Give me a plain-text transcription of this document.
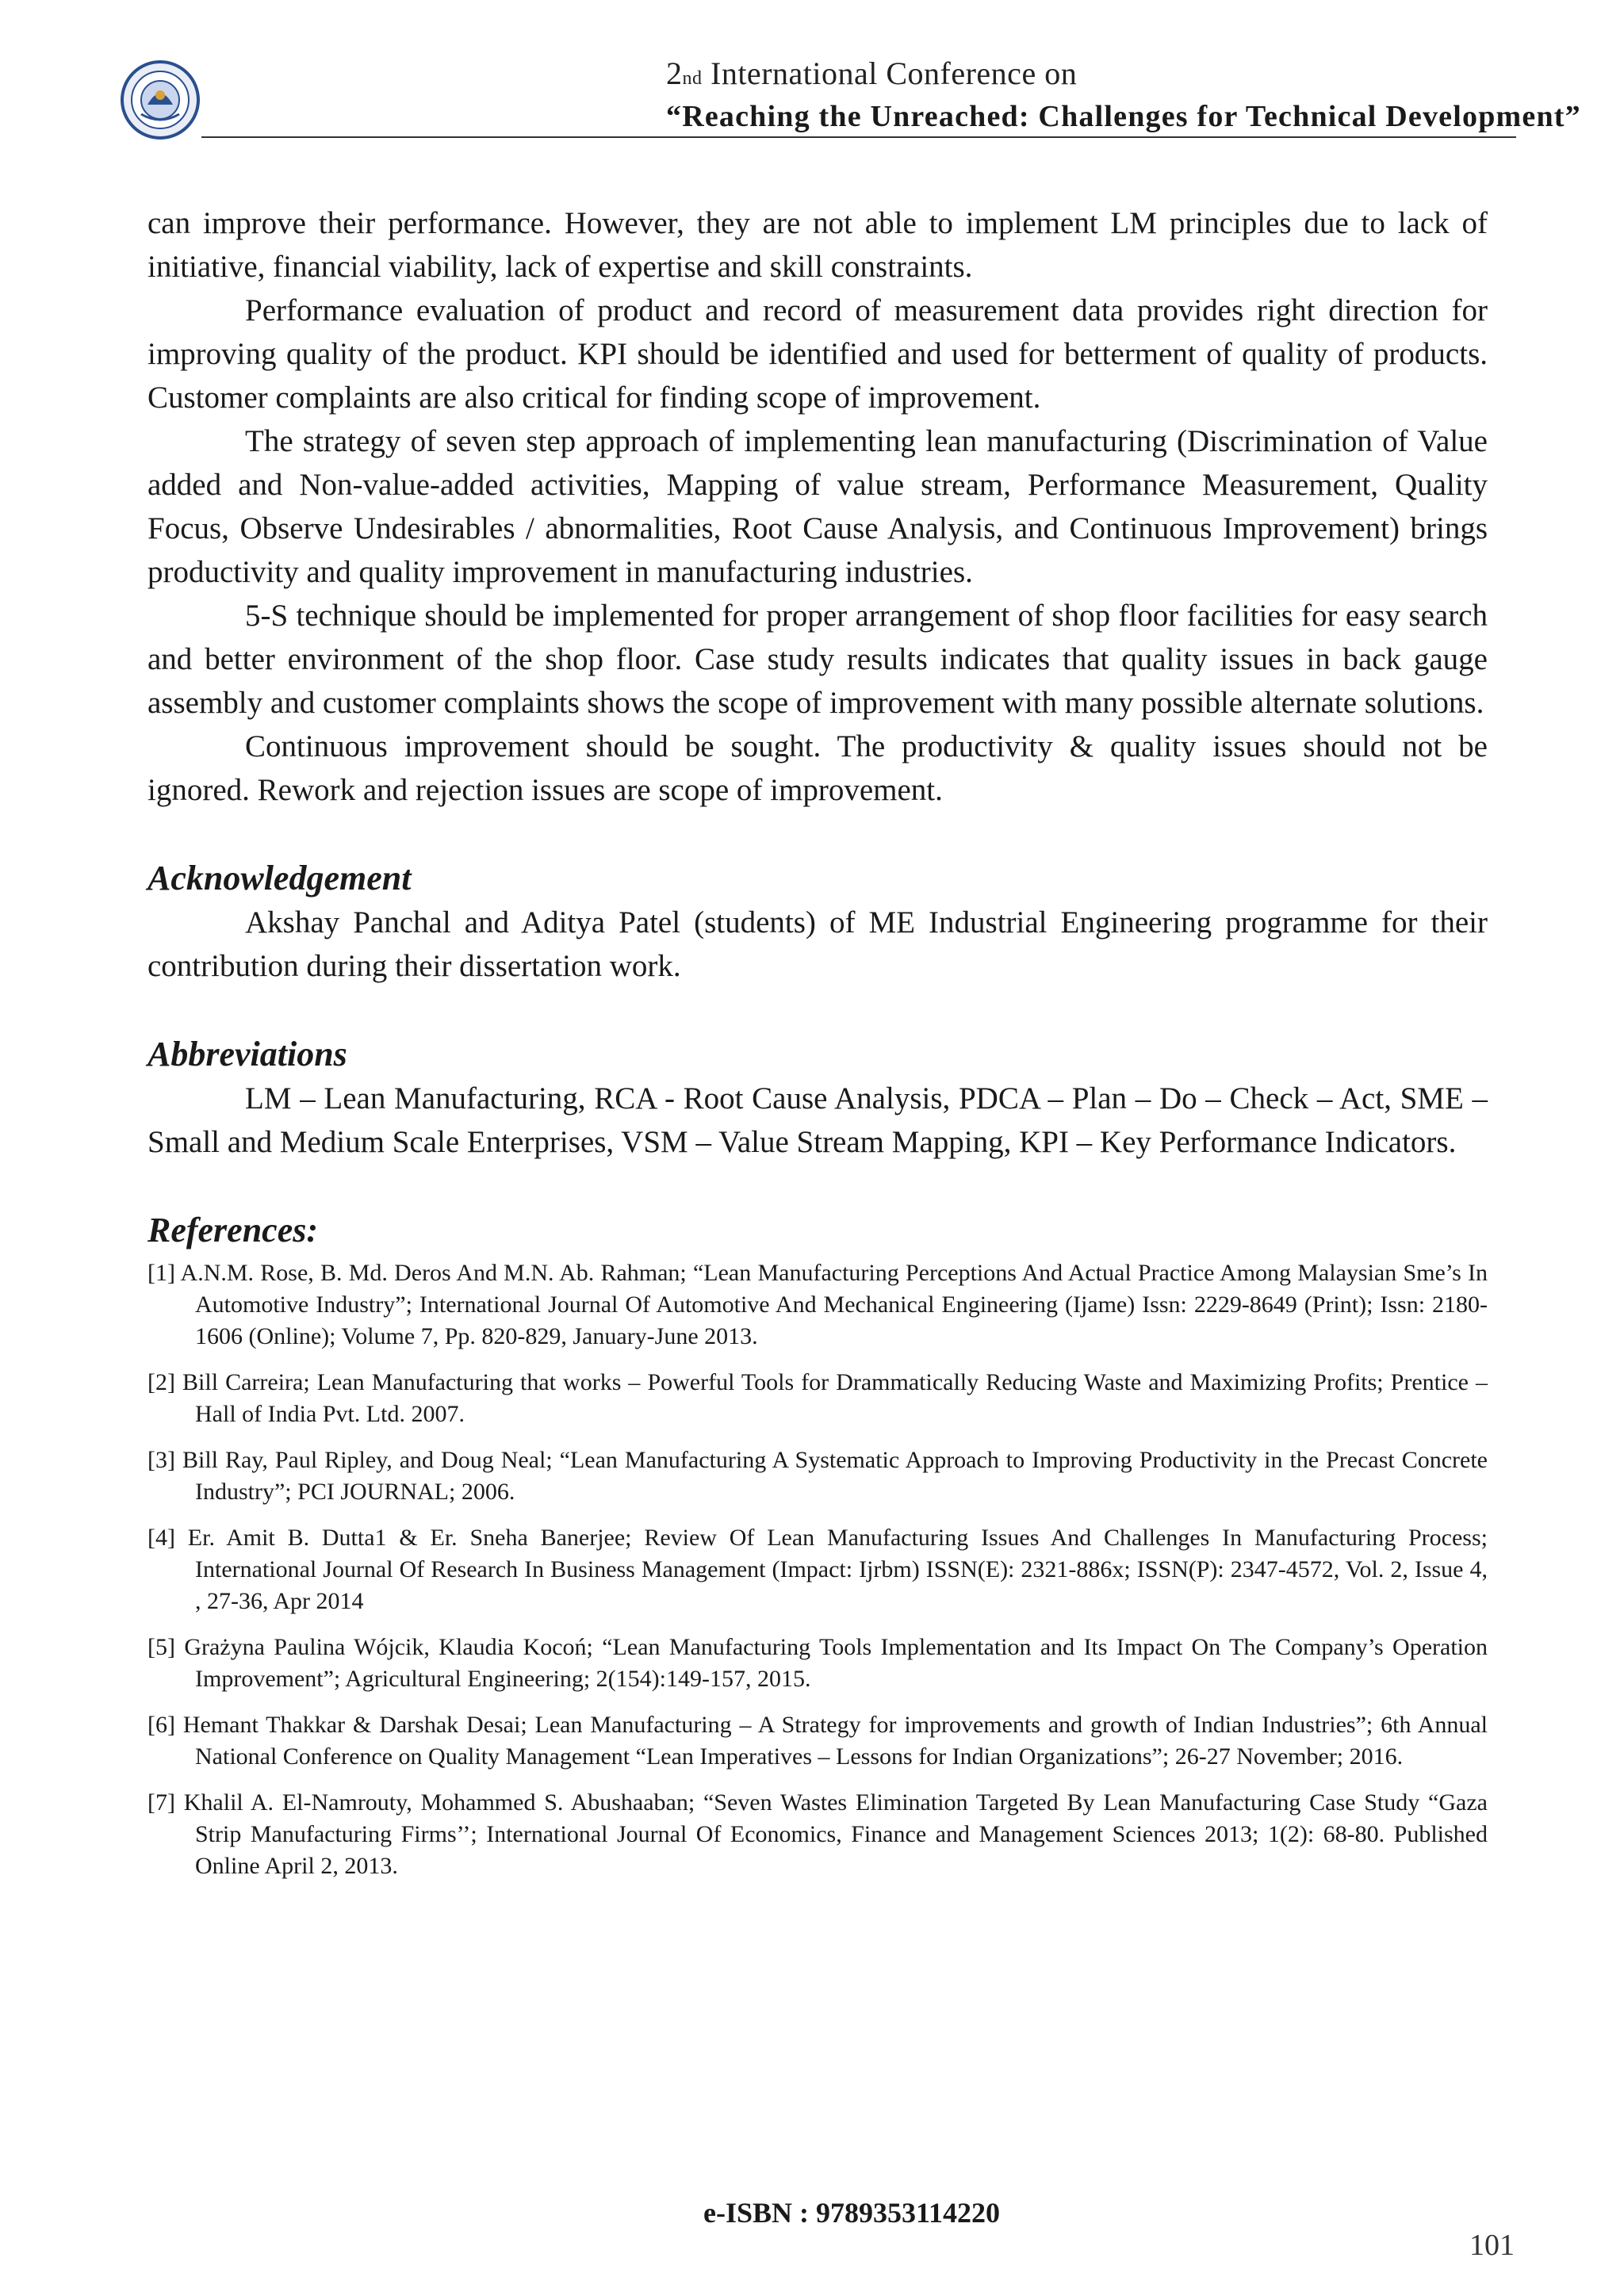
2nd International Conference on
“Reaching the Unreached: Challenges for Technical Development”

can improve their performance. However, they are not able to implement LM principles due to lack of initiative, financial viability, lack of expertise and skill constraints.

Performance evaluation of product and record of measurement data provides right direction for improving quality of the product. KPI should be identified and used for betterment of quality of products. Customer complaints are also critical for finding scope of improvement.

The strategy of seven step approach of implementing lean manufacturing (Discrimination of Value added and Non-value-added activities, Mapping of value stream, Performance Measurement, Quality Focus, Observe Undesirables / abnormalities, Root Cause Analysis, and Continuous Improvement) brings productivity and quality improvement in manufacturing industries.

5-S technique should be implemented for proper arrangement of shop floor facilities for easy search and better environment of the shop floor. Case study results indicates that quality issues in back gauge assembly and customer complaints shows the scope of improvement with many possible alternate solutions.

Continuous improvement should be sought. The productivity & quality issues should not be ignored. Rework and rejection issues are scope of improvement.

Acknowledgement

Akshay Panchal and Aditya Patel (students) of ME Industrial Engineering programme for their contribution during their dissertation work.

Abbreviations

LM – Lean Manufacturing, RCA - Root Cause Analysis, PDCA – Plan – Do – Check – Act, SME – Small and Medium Scale Enterprises, VSM – Value Stream Mapping, KPI – Key Performance Indicators.

References:

[1] A.N.M. Rose, B. Md. Deros And M.N. Ab. Rahman; “Lean Manufacturing Perceptions And Actual Practice Among Malaysian Sme’s In Automotive Industry”; International Journal Of Automotive And Mechanical Engineering (Ijame) Issn: 2229-8649 (Print); Issn: 2180-1606 (Online); Volume 7, Pp. 820-829, January-June 2013.

[2] Bill Carreira; Lean Manufacturing that works – Powerful Tools for Drammatically Reducing Waste and Maximizing Profits; Prentice – Hall of India Pvt. Ltd. 2007.

[3] Bill Ray, Paul Ripley, and Doug Neal; “Lean Manufacturing A Systematic Approach to Improving Productivity in the Precast Concrete Industry”; PCI JOURNAL; 2006.

[4] Er. Amit B. Dutta1 & Er. Sneha Banerjee; Review Of Lean Manufacturing Issues And Challenges In Manufacturing Process; International Journal Of Research In Business Management (Impact: Ijrbm) ISSN(E): 2321-886x; ISSN(P): 2347-4572, Vol. 2, Issue 4, , 27-36, Apr 2014

[5] Grażyna Paulina Wójcik, Klaudia Kocoń; “Lean Manufacturing Tools Implementation and Its Impact On The Company’s Operation Improvement”; Agricultural Engineering; 2(154):149-157, 2015.

[6] Hemant Thakkar & Darshak Desai; Lean Manufacturing – A Strategy for improvements and growth of Indian Industries”; 6th Annual National Conference on Quality Management “Lean Imperatives – Lessons for Indian Organizations”; 26-27 November; 2016.

[7] Khalil A. El-Namrouty, Mohammed S. Abushaaban; “Seven Wastes Elimination Targeted By Lean Manufacturing Case Study “Gaza Strip Manufacturing Firms’’; International Journal Of Economics, Finance and Management Sciences 2013; 1(2): 68-80. Published Online April 2, 2013.

e-ISBN : 9789353114220
101
